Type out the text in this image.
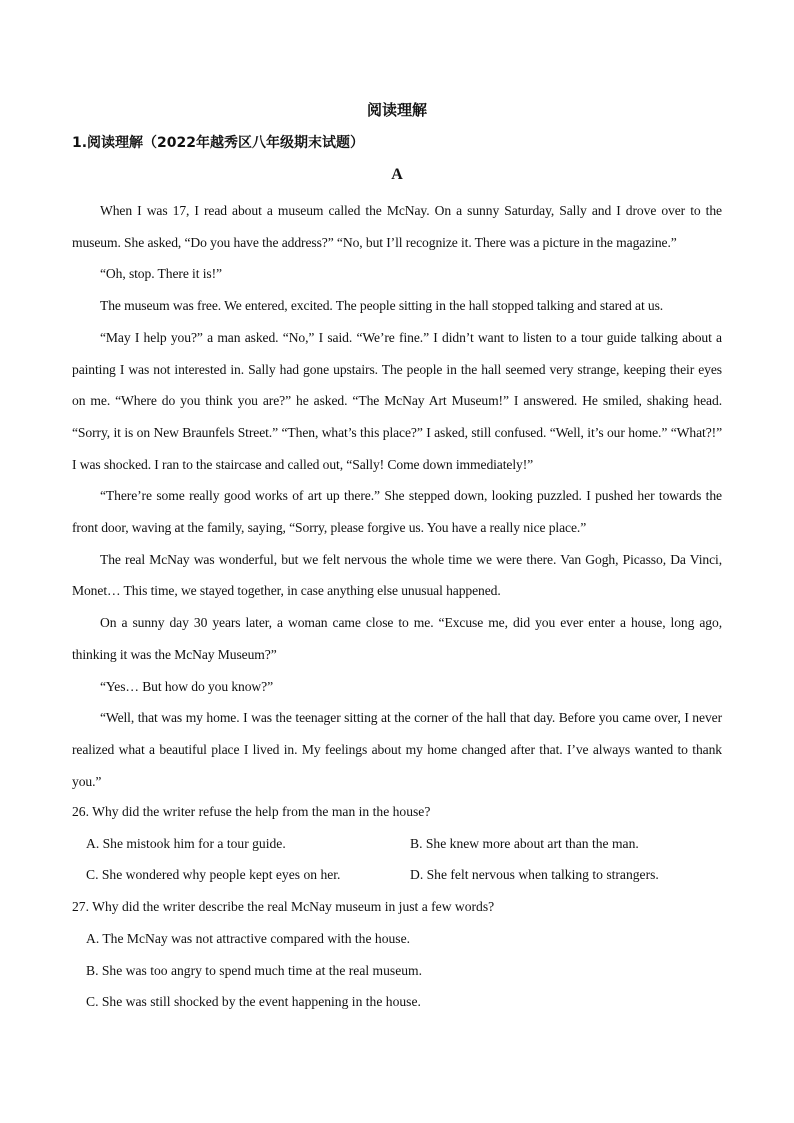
阅读理解
1.阅读理解（2022年越秀区八年级期末试题）
A

When I was 17, I read about a museum called the McNay. On a sunny Saturday, Sally and I drove over to the museum. She asked, “Do you have the address?” “No, but I’ll recognize it. There was a picture in the magazine.”

“Oh, stop. There it is!”

The museum was free. We entered, excited. The people sitting in the hall stopped talking and stared at us.

“May I help you?” a man asked. “No,” I said. “We’re fine.” I didn’t want to listen to a tour guide talking about a painting I was not interested in. Sally had gone upstairs. The people in the hall seemed very strange, keeping their eyes on me. “Where do you think you are?” he asked. “The McNay Art Museum!” I answered. He smiled, shaking head. “Sorry, it is on New Braunfels Street.” “Then, what’s this place?” I asked, still confused. “Well, it’s our home.” “What?!” I was shocked. I ran to the staircase and called out, “Sally! Come down immediately!”

“There’re some really good works of art up there.” She stepped down, looking puzzled. I pushed her towards the front door, waving at the family, saying, “Sorry, please forgive us. You have a really nice place.”

The real McNay was wonderful, but we felt nervous the whole time we were there. Van Gogh, Picasso, Da Vinci, Monet… This time, we stayed together, in case anything else unusual happened.

On a sunny day 30 years later, a woman came close to me. “Excuse me, did you ever enter a house, long ago, thinking it was the McNay Museum?”

“Yes… But how do you know?”

“Well, that was my home. I was the teenager sitting at the corner of the hall that day. Before you came over, I never realized what a beautiful place I lived in. My feelings about my home changed after that. I’ve always wanted to thank you.”

26. Why did the writer refuse the help from the man in the house?

A. She mistook him for a tour guide.	B. She knew more about art than the man.
C. She wondered why people kept eyes on her.	D. She felt nervous when talking to strangers.

27. Why did the writer describe the real McNay museum in just a few words?

A. The McNay was not attractive compared with the house.
B. She was too angry to spend much time at the real museum.
C. She was still shocked by the event happening in the house.
